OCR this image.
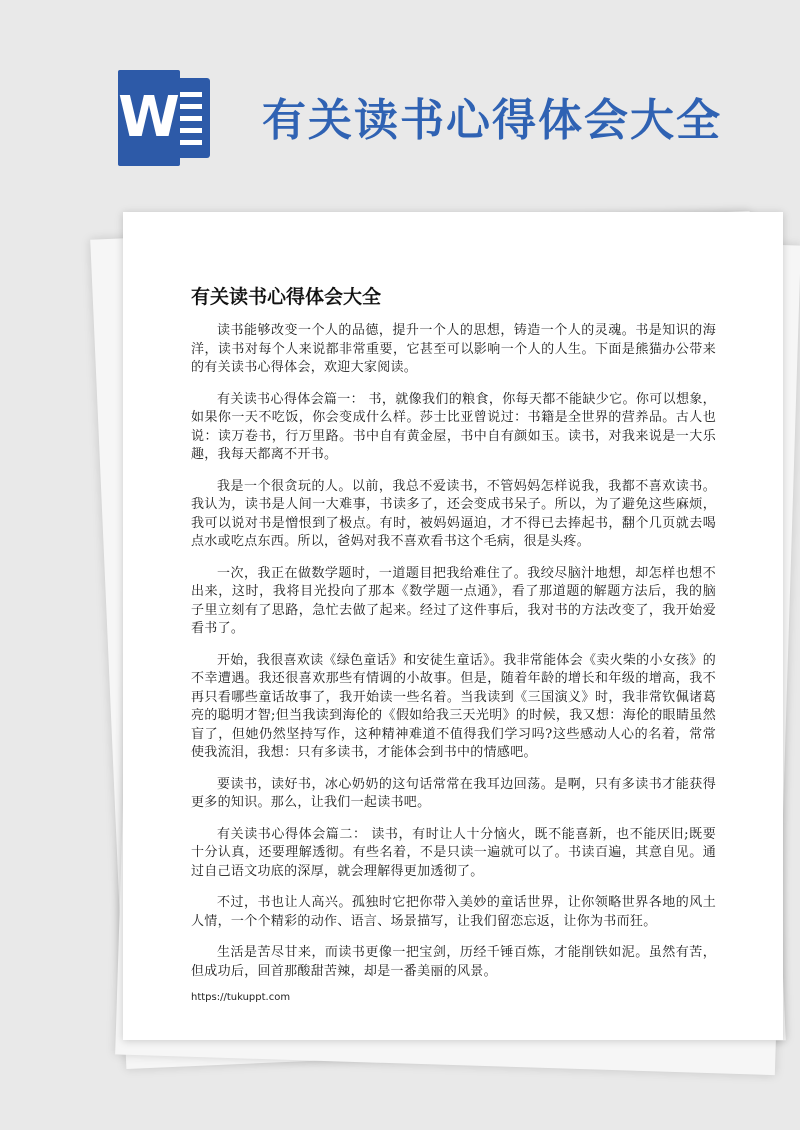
W 有关读书心得体会大全
有关读书心得体会大全

读书能够改变一个人的品德，提升一个人的思想，铸造一个人的灵魂。书是知识的海洋，读书对每个人来说都非常重要，它甚至可以影响一个人的人生。下面是熊猫办公带来的有关读书心得体会，欢迎大家阅读。

有关读书心得体会篇一： 书，就像我们的粮食，你每天都不能缺少它。你可以想象，如果你一天不吃饭，你会变成什么样。莎士比亚曾说过：书籍是全世界的营养品。古人也说：读万卷书，行万里路。书中自有黄金屋，书中自有颜如玉。读书，对我来说是一大乐趣，我每天都离不开书。

我是一个很贪玩的人。以前，我总不爱读书，不管妈妈怎样说我，我都不喜欢读书。我认为，读书是人间一大难事，书读多了，还会变成书呆子。所以，为了避免这些麻烦，我可以说对书是憎恨到了极点。有时，被妈妈逼迫，才不得已去捧起书，翻个几页就去喝点水或吃点东西。所以，爸妈对我不喜欢看书这个毛病，很是头疼。

一次，我正在做数学题时，一道题目把我给难住了。我绞尽脑汁地想，却怎样也想不出来，这时，我将目光投向了那本《数学题一点通》，看了那道题的解题方法后，我的脑子里立刻有了思路，急忙去做了起来。经过了这件事后，我对书的方法改变了，我开始爱看书了。

开始，我很喜欢读《绿色童话》和安徒生童话》。我非常能体会《卖火柴的小女孩》的不幸遭遇。我还很喜欢那些有情调的小故事。但是，随着年龄的增长和年级的增高，我不再只看哪些童话故事了，我开始读一些名着。当我读到《三国演义》时，我非常钦佩诸葛亮的聪明才智;但当我读到海伦的《假如给我三天光明》的时候，我又想：海伦的眼睛虽然盲了，但她仍然坚持写作，这种精神难道不值得我们学习吗?这些感动人心的名着，常常使我流泪，我想：只有多读书，才能体会到书中的情感吧。

要读书，读好书，冰心奶奶的这句话常常在我耳边回荡。是啊，只有多读书才能获得更多的知识。那么，让我们一起读书吧。

有关读书心得体会篇二： 读书，有时让人十分恼火，既不能喜新，也不能厌旧;既要十分认真，还要理解透彻。有些名着，不是只读一遍就可以了。书读百遍，其意自见。通过自己语文功底的深厚，就会理解得更加透彻了。

不过，书也让人高兴。孤独时它把你带入美妙的童话世界，让你领略世界各地的风土人情，一个个精彩的动作、语言、场景描写，让我们留恋忘返，让你为书而狂。

生活是苦尽甘来，而读书更像一把宝剑，历经千锤百炼，才能削铁如泥。虽然有苦，但成功后，回首那酸甜苦辣，却是一番美丽的风景。

https://tukuppt.com
